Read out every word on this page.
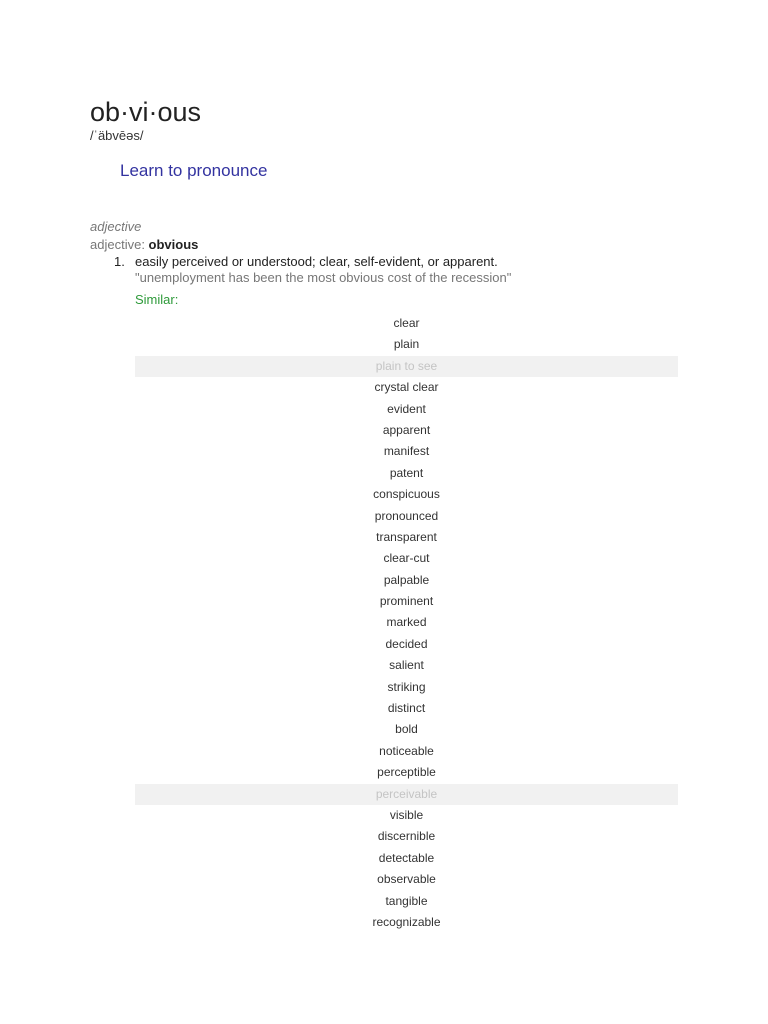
ob·vi·ous
/ˈäbvēəs/
Learn to pronounce
adjective
adjective: obvious
1. easily perceived or understood; clear, self-evident, or apparent.
"unemployment has been the most obvious cost of the recession"
Similar:
clear
plain
plain to see
crystal clear
evident
apparent
manifest
patent
conspicuous
pronounced
transparent
clear-cut
palpable
prominent
marked
decided
salient
striking
distinct
bold
noticeable
perceptible
perceivable
visible
discernible
detectable
observable
tangible
recognizable
